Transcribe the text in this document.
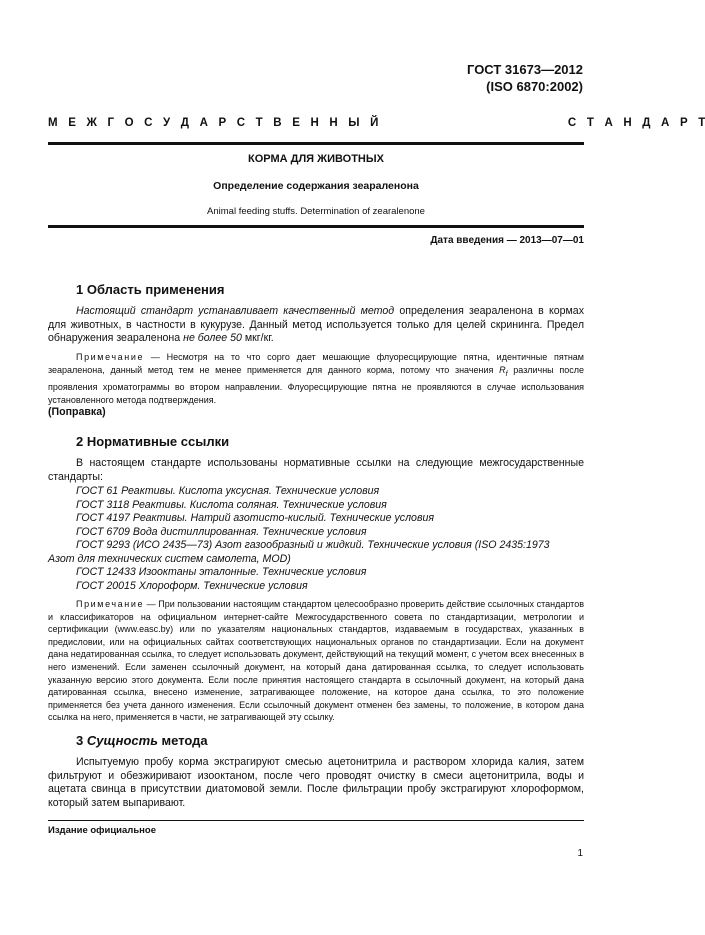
ГОСТ 31673—2012
(ISO 6870:2002)
М Е Ж Г О С У Д А Р С Т В Е Н Н Ы Й	С Т А Н Д А Р Т
КОРМА ДЛЯ ЖИВОТНЫХ
Определение содержания зеараленона
Animal feeding stuffs. Determination of zearalenone
Дата введения — 2013—07—01
1 Область применения
Настоящий стандарт устанавливает качественный метод определения зеараленона в кормах для животных, в частности в кукурузе. Данный метод используется только для целей скрининга. Предел обнаружения зеараленона не более 50 мкг/кг.
Примечание — Несмотря на то что сорго дает мешающие флуоресцирующие пятна, идентичные пятнам зеараленона, данный метод тем не менее применяется для данного корма, потому что значения $R_f$ различны после проявления хроматограммы во втором направлении. Флуоресцирующие пятна не проявляются в случае использования установленного метода подтверждения.
(Поправка)
2 Нормативные ссылки
В настоящем стандарте использованы нормативные ссылки на следующие межгосударственные стандарты:
ГОСТ 61 Реактивы. Кислота уксусная. Технические условия
ГОСТ 3118 Реактивы. Кислота соляная. Технические условия
ГОСТ 4197 Реактивы. Натрий азотисто-кислый. Технические условия
ГОСТ 6709 Вода дистиллированная. Технические условия
ГОСТ 9293 (ИСО 2435—73) Азот газообразный и жидкий. Технические условия (ISO 2435:1973
Азот для технических систем самолета, MOD)
ГОСТ 12433 Изооктаны эталонные. Технические условия
ГОСТ 20015 Хлороформ. Технические условия
Примечание — При пользовании настоящим стандартом целесообразно проверить действие ссылочных стандартов и классификаторов на официальном интернет-сайте Межгосударственного совета по стандартизации, метрологии и сертификации (www.easc.by) или по указателям национальных стандартов, издаваемым в государствах, указанных в предисловии, или на официальных сайтах соответствующих национальных органов по стандартизации. Если на документ дана недатированная ссылка, то следует использовать документ, действующий на текущий момент, с учетом всех внесенных в него изменений. Если заменен ссылочный документ, на который дана датированная ссылка, то следует использовать указанную версию этого документа. Если после принятия настоящего стандарта в ссылочный документ, на который дана датированная ссылка, внесено изменение, затрагивающее положение, на которое дана ссылка, то это положение применяется без учета данного изменения. Если ссылочный документ отменен без замены, то положение, в котором дана ссылка на него, применяется в части, не затрагивающей эту ссылку.
3 Сущность метода
Испытуемую пробу корма экстрагируют смесью ацетонитрила и раствором хлорида калия, затем фильтруют и обезжиривают изооктаном, после чего проводят очистку в смеси ацетонитрила, воды и ацетата свинца в присутствии диатомовой земли. После фильтрации пробу экстрагируют хлороформом, который затем выпаривают.
Издание официальное
1
